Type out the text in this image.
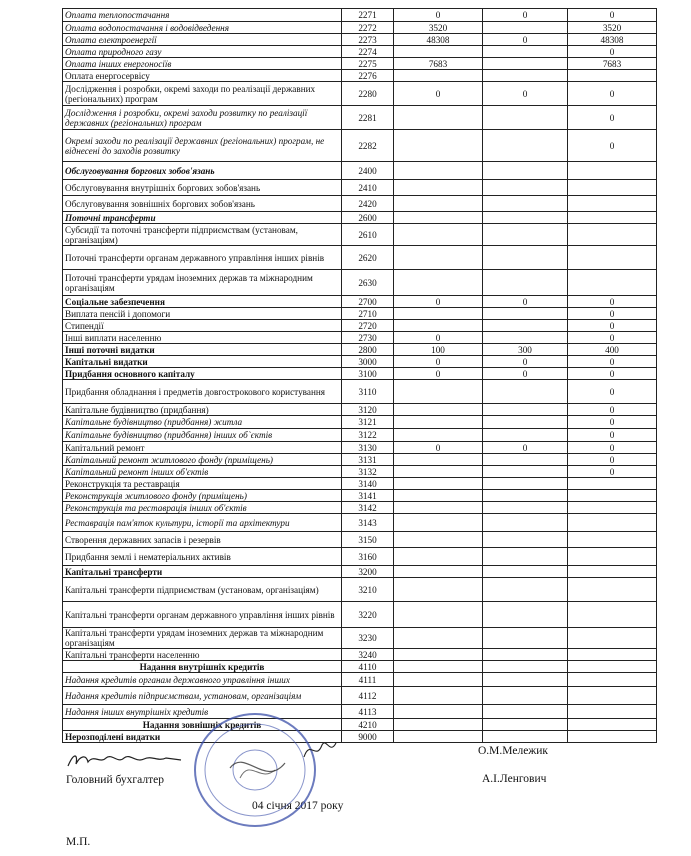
Оплата теплопостачання	2271	0	0	0
Оплата водопостачання і водовідведення	2272	3520		3520
Оплата електроенергії	2273	48308	0	48308
Оплата природного газу	2274			0
Оплата інших енергоносіїв	2275	7683		7683
Оплата енергосервісу	2276			
Дослідження і розробки, окремі заходи по реалізації державних (регіональних) програм	2280	0	0	0
Дослідження і розробки, окремі заходи розвитку по реалізації державних (регіональних) програм	2281			0
Окремі заходи по реалізації державних (регіональних) програм, не віднесені до заходів розвитку	2282			0
Обслуговування боргових зобов'язань	2400			
Обслуговування внутрішніх боргових зобов'язань	2410			
Обслуговування зовнішніх боргових зобов'язань	2420			
Поточні трансферти	2600			
Субсидії та поточні трансферти підприємствам (установам, організаціям)	2610			
Поточні трансферти органам державного управління інших рівнів	2620			
Поточні трансферти урядам іноземних держав та міжнародним організаціям	2630			
Соціальне забезпечення	2700	0	0	0
Виплата пенсій і допомоги	2710			0
Стипендії	2720			0
Інші виплати населенню	2730	0		0
Інші поточні видатки	2800	100	300	400
Капітальні видатки	3000	0	0	0
Придбання основного капіталу	3100	0	0	0
Придбання обладнання і предметів довгострокового користування	3110			0
Капітальне будівництво (придбання)	3120			0
Капітальне будівництво (придбання) житла	3121			0
Капітальне будівництво (придбання) інших об`єктів	3122			0
Капітальний ремонт	3130	0	0	0
Капітальний ремонт житлового фонду (приміщень)	3131			0
Капітальний ремонт інших об'єктів	3132			0
Реконструкція та реставрація	3140			
Реконструкція житлового фонду (приміщень)	3141			
Реконструкція та реставрація інших об'єктів	3142			
Реставрація пам'яток культури, історії та архітектури	3143			
Створення державних запасів і резервів	3150			
Придбання землі і нематеріальних активів	3160			
Капітальні трансферти	3200			
Капітальні трансферти підприємствам (установам, організаціям)	3210			
Капітальні трансферти органам державного управління інших рівнів	3220			
Капітальні трансферти урядам іноземних держав та міжнародним організаціям	3230			
Капітальні трансферти населенню	3240			
Надання внутрішніх кредитів	4110			
Надання кредитів органам державного управління інших	4111			
Надання кредитів підприємствам, установам, організаціям	4112			
Надання інших внутрішніх кредитів	4113			
Надання зовнішніх кредитів	4210			
Нерозподілені видатки	9000			
Головний бухгалтер
О.М.Мележик
А.І.Ленгович
04 січня 2017 року
М.П.
